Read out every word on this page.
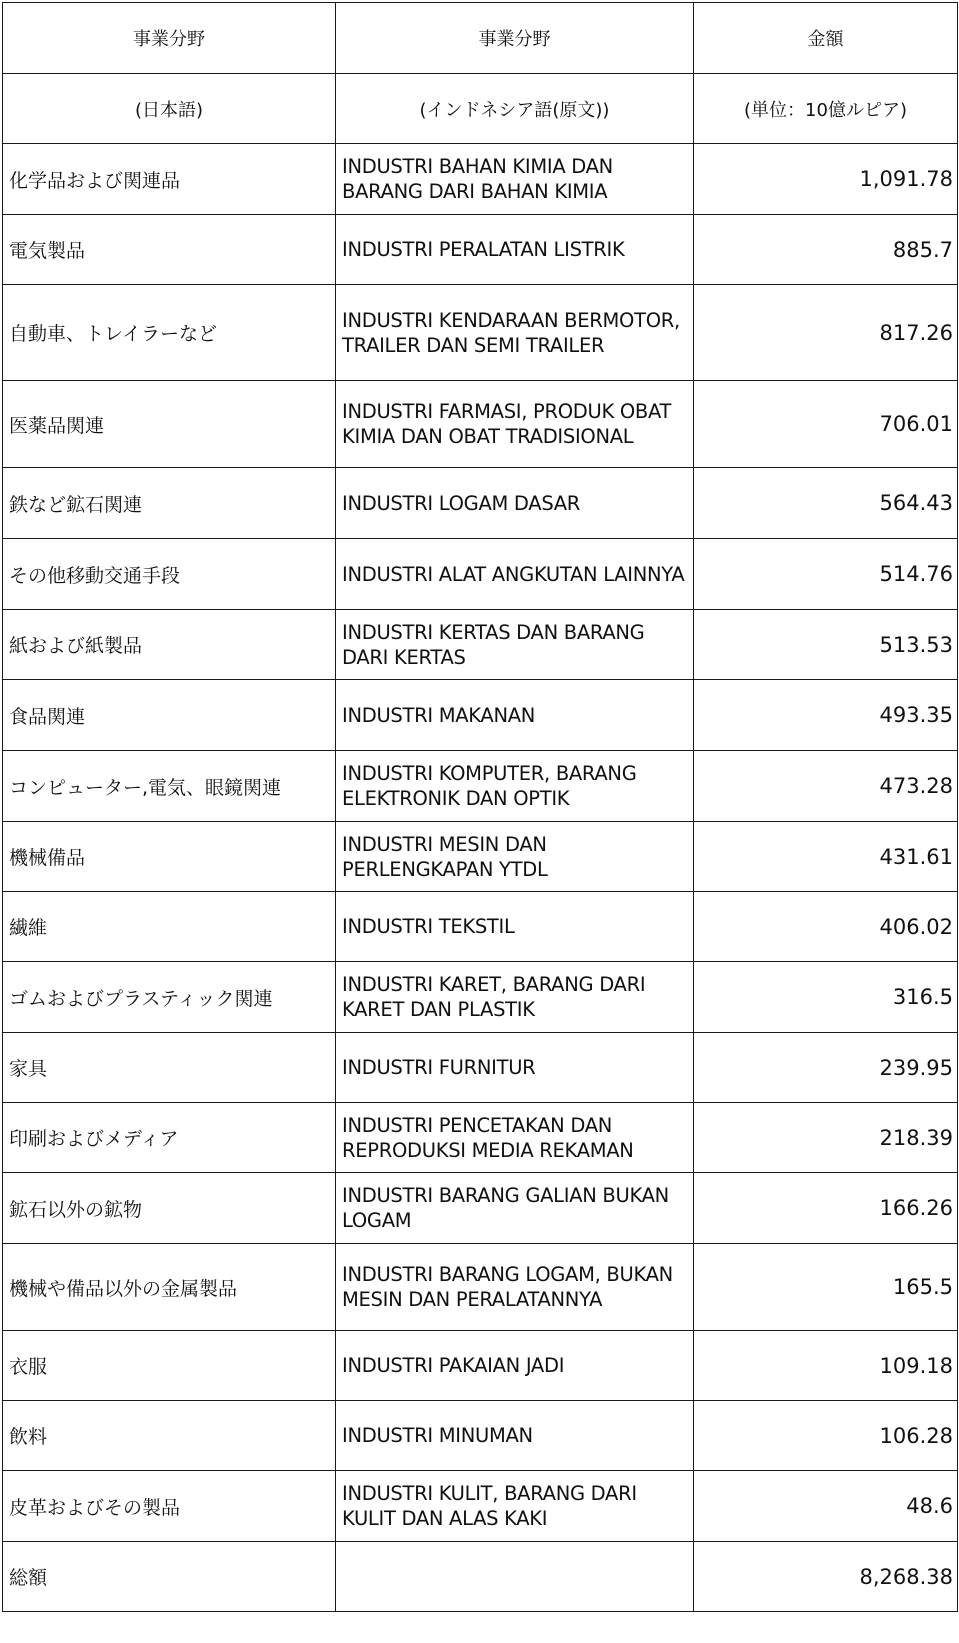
事業分野	事業分野	金額
(日本語)	(インドネシア語(原文))	(単位：10億ルピア)
化学品および関連品	INDUSTRI BAHAN KIMIA DAN BARANG DARI BAHAN KIMIA	1,091.78
電気製品	INDUSTRI PERALATAN LISTRIK	885.7
自動車、トレイラーなど	INDUSTRI KENDARAAN BERMOTOR, TRAILER DAN SEMI TRAILER	817.26
医薬品関連	INDUSTRI FARMASI, PRODUK OBAT KIMIA DAN OBAT TRADISIONAL	706.01
鉄など鉱石関連	INDUSTRI LOGAM DASAR	564.43
その他移動交通手段	INDUSTRI ALAT ANGKUTAN LAINNYA	514.76
紙および紙製品	INDUSTRI KERTAS DAN BARANG DARI KERTAS	513.53
食品関連	INDUSTRI MAKANAN	493.35
コンピューター,電気、眼鏡関連	INDUSTRI KOMPUTER, BARANG ELEKTRONIK DAN OPTIK	473.28
機械備品	INDUSTRI MESIN DAN PERLENGKAPAN YTDL	431.61
繊維	INDUSTRI TEKSTIL	406.02
ゴムおよびプラスティック関連	INDUSTRI KARET, BARANG DARI KARET DAN PLASTIK	316.5
家具	INDUSTRI FURNITUR	239.95
印刷およびメディア	INDUSTRI PENCETAKAN DAN REPRODUKSI MEDIA REKAMAN	218.39
鉱石以外の鉱物	INDUSTRI BARANG GALIAN BUKAN LOGAM	166.26
機械や備品以外の金属製品	INDUSTRI BARANG LOGAM, BUKAN MESIN DAN PERALATANNYA	165.5
衣服	INDUSTRI PAKAIAN JADI	109.18
飲料	INDUSTRI MINUMAN	106.28
皮革およびその製品	INDUSTRI KULIT, BARANG DARI KULIT DAN ALAS KAKI	48.6
総額		8,268.38
